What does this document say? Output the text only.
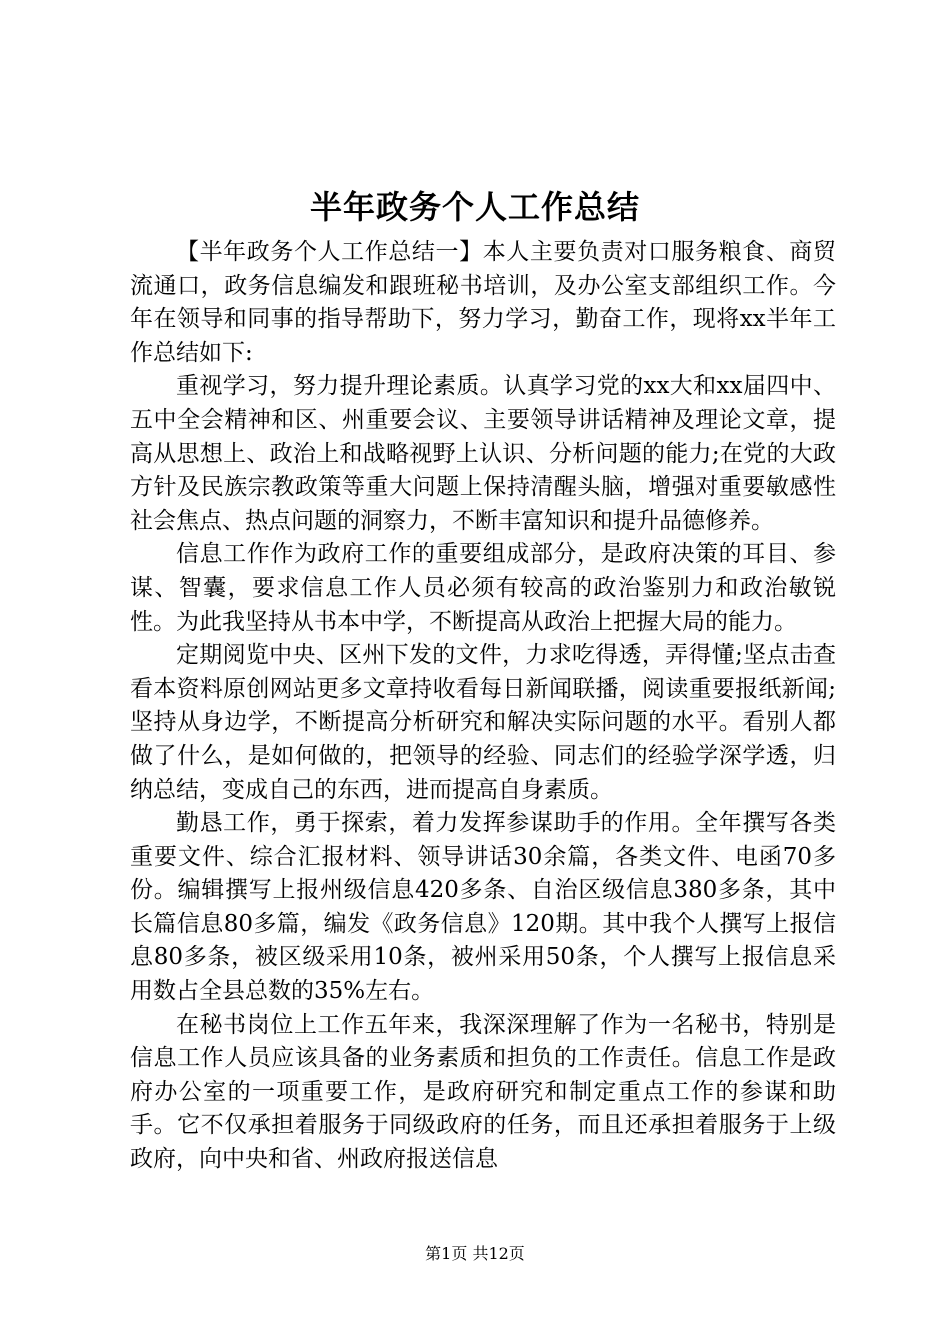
半年政务个人工作总结

【半年政务个人工作总结一】本人主要负责对口服务粮食、商贸流通口，政务信息编发和跟班秘书培训，及办公室支部组织工作。今年在领导和同事的指导帮助下，努力学习，勤奋工作，现将xx半年工作总结如下:

重视学习，努力提升理论素质。认真学习党的xx大和xx届四中、五中全会精神和区、州重要会议、主要领导讲话精神及理论文章，提高从思想上、政治上和战略视野上认识、分析问题的能力;在党的大政方针及民族宗教政策等重大问题上保持清醒头脑，增强对重要敏感性社会焦点、热点问题的洞察力，不断丰富知识和提升品德修养。

信息工作作为政府工作的重要组成部分，是政府决策的耳目、参谋、智囊，要求信息工作人员必须有较高的政治鉴别力和政治敏锐性。为此我坚持从书本中学，不断提高从政治上把握大局的能力。

定期阅览中央、区州下发的文件，力求吃得透，弄得懂;坚点击查看本资料原创网站更多文章持收看每日新闻联播，阅读重要报纸新闻;坚持从身边学，不断提高分析研究和解决实际问题的水平。看别人都做了什么，是如何做的，把领导的经验、同志们的经验学深学透，归纳总结，变成自己的东西，进而提高自身素质。

勤恳工作，勇于探索，着力发挥参谋助手的作用。全年撰写各类重要文件、综合汇报材料、领导讲话30余篇，各类文件、电函70多份。编辑撰写上报州级信息420多条、自治区级信息380多条，其中长篇信息80多篇，编发《政务信息》120期。其中我个人撰写上报信息80多条，被区级采用10条，被州采用50条，个人撰写上报信息采用数占全县总数的35%左右。

在秘书岗位上工作五年来，我深深理解了作为一名秘书，特别是信息工作人员应该具备的业务素质和担负的工作责任。信息工作是政府办公室的一项重要工作，是政府研究和制定重点工作的参谋和助手。它不仅承担着服务于同级政府的任务，而且还承担着服务于上级政府，向中央和省、州政府报送信息

第1页 共12页
